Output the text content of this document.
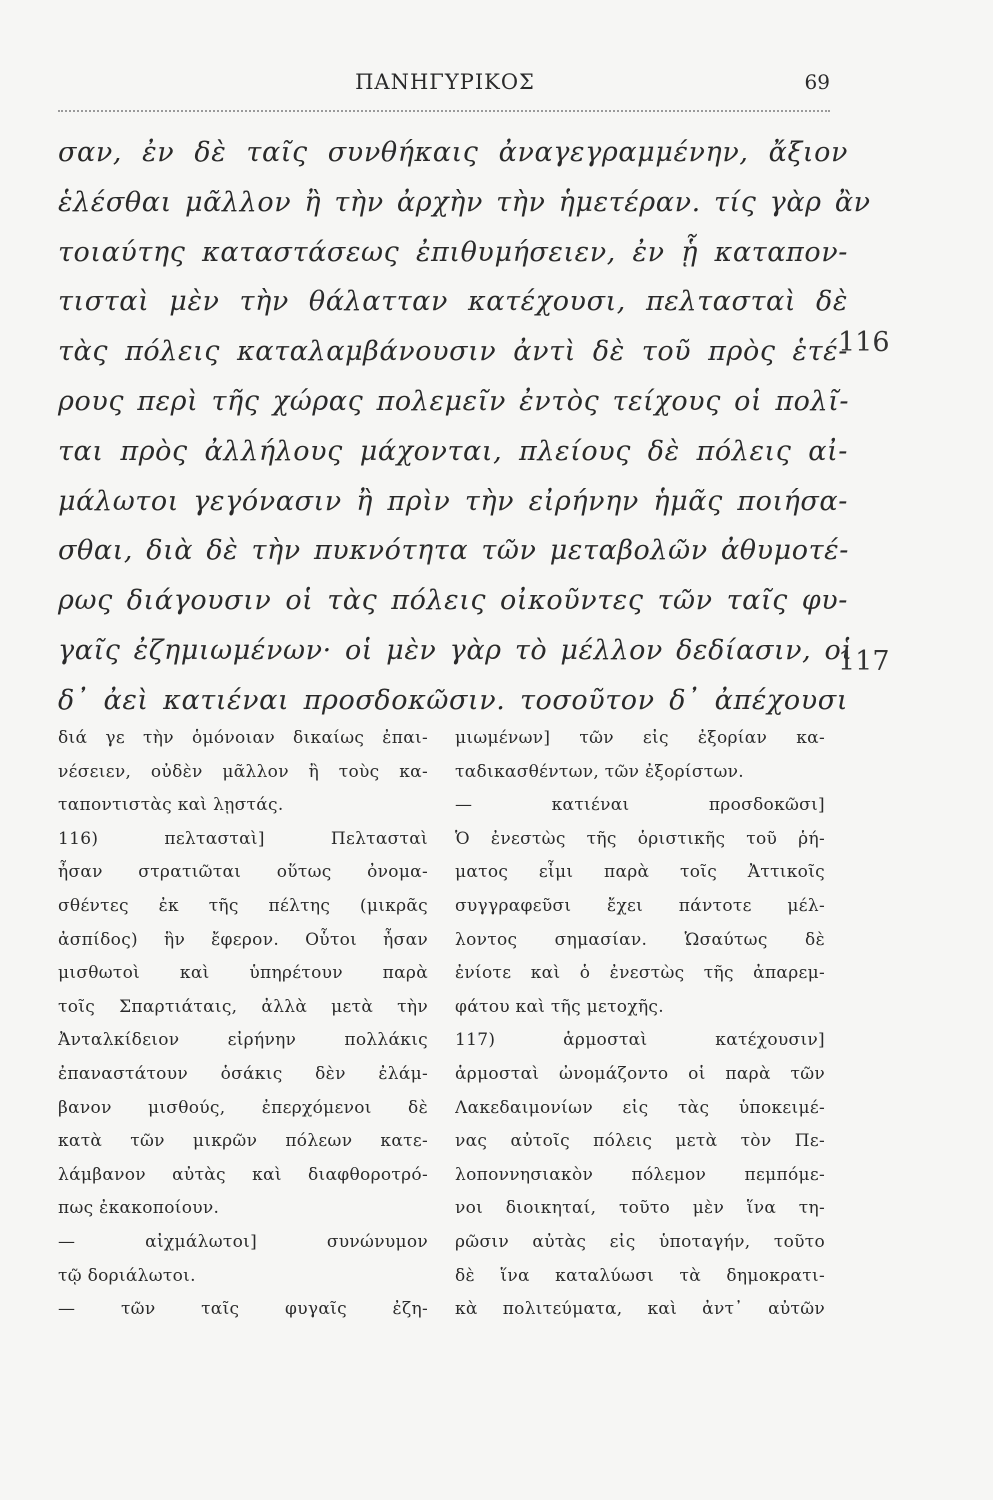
ΠΑΝΗΓΥΡΙΚΟΣ	69
σαν, ἐν δὲ ταῖς συνθήκαις ἀναγεγραμμένην, ἄξιον
ἑλέσθαι μᾶλλον ἢ τὴν ἀρχὴν τὴν ἡμετέραν. τίς γὰρ ἂν
τοιαύτης καταστάσεως ἐπιθυμήσειεν, ἐν ᾗ καταπον-
τισταὶ μὲν τὴν θάλατταν κατέχουσι, πελτασταὶ δὲ
τὰς πόλεις καταλαμβάνουσιν ἀντὶ δὲ τοῦ πρὸς ἑτέ-
ρους περὶ τῆς χώρας πολεμεῖν ἐντὸς τείχους οἱ πολῖ-
ται πρὸς ἀλλήλους μάχονται, πλείους δὲ πόλεις αἰ-
μάλωτοι γεγόνασιν ἢ πρὶν τὴν εἰρήνην ἡμᾶς ποιήσα-
σθαι, διὰ δὲ τὴν πυκνότητα τῶν μεταβολῶν ἀθυμοτέ-
ρως διάγουσιν οἱ τὰς πόλεις οἰκοῦντες τῶν ταῖς φυ-
γαῖς ἐζημιωμένων· οἱ μὲν γὰρ τὸ μέλλον δεδίασιν, οἱ
δ᾽ ἀεὶ κατιέναι προσδοκῶσιν. τοσοῦτον δ᾽ ἀπέχουσι
116
117
διά γε τὴν ὁμόνοιαν δικαίως ἐπαι-
νέσειεν, οὐδὲν μᾶλλον ἢ τοὺς κα-
ταποντιστὰς καὶ λῃστάς.
116) πελτασταὶ] Πελτασταὶ
ἦσαν στρατιῶται οὕτως ὀνομα-
σθέντες ἐκ τῆς πέλτης (μικρᾶς
ἀσπίδος) ἣν ἔφερον. Οὗτοι ἦσαν
μισθωτοὶ καὶ ὑπηρέτουν παρὰ
τοῖς Σπαρτιάταις, ἀλλὰ μετὰ τὴν
Ἀνταλκίδειον εἰρήνην πολλάκις
ἐπαναστάτουν ὁσάκις δὲν ἐλάμ-
βανον μισθούς, ἐπερχόμενοι δὲ
κατὰ τῶν μικρῶν πόλεων κατε-
λάμβανον αὐτὰς καὶ διαφθοροτρό-
πως ἐκακοποίουν.
— αἰχμάλωτοι] συνώνυμον
τῷ δοριάλωτοι.
— τῶν ταῖς φυγαῖς ἐζη-
μιωμένων] τῶν εἰς ἐξορίαν κα-
ταδικασθέντων, τῶν ἐξορίστων.
— κατιέναι προσδοκῶσι]
Ὁ ἐνεστὼς τῆς ὁριστικῆς τοῦ ῥή-
ματος εἶμι παρὰ τοῖς Ἀττικοῖς
συγγραφεῦσι ἔχει πάντοτε μέλ-
λοντος σημασίαν. Ὡσαύτως δὲ
ἐνίοτε καὶ ὁ ἐνεστὼς τῆς ἀπαρεμ-
φάτου καὶ τῆς μετοχῆς.
117) ἁρμοσταὶ κατέχουσιν]
ἁρμοσταὶ ὠνομάζοντο οἱ παρὰ τῶν
Λακεδαιμονίων εἰς τὰς ὑποκειμέ-
νας αὐτοῖς πόλεις μετὰ τὸν Πε-
λοποννησιακὸν πόλεμον πεμπόμε-
νοι διοικηταί, τοῦτο μὲν ἵνα τη-
ρῶσιν αὐτὰς εἰς ὑποταγήν, τοῦτο
δὲ ἵνα καταλύωσι τὰ δημοκρατι-
κὰ πολιτεύματα, καὶ ἀντ᾽ αὐτῶν
